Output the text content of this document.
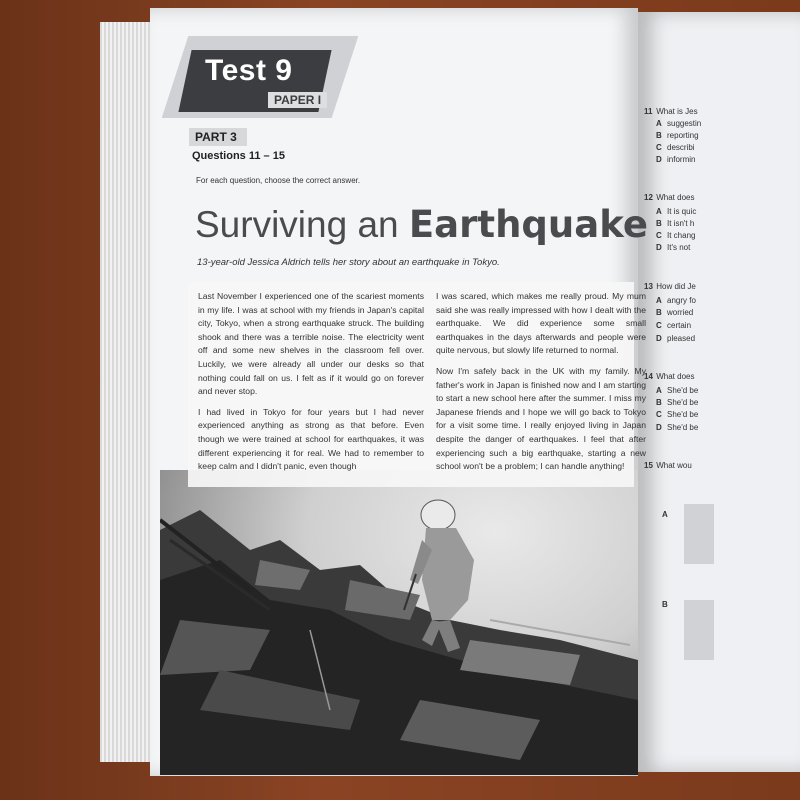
11 What is Jes
A suggestin
B reporting
C describi
D informin
12 What does
A It is quic
B It isn't h
C It chang
D It's not
13 How did Je
A angry fo
B worried
C certain
D pleased
14 What does
A She'd be
B She'd be
C She'd be
D She'd be
15 What wou
A
B
Test 9
PAPER I
PART 3
Questions 11 – 15
For each question, choose the correct answer.
Surviving an Earthquake
13-year-old Jessica Aldrich tells her story about an earthquake in Tokyo.

Last November I experienced one of the scariest moments in my life. I was at school with my friends in Japan's capital city, Tokyo, when a strong earthquake struck. The building shook and there was a terrible noise. The electricity went off and some new shelves in the classroom fell over. Luckily, we were already all under our desks so that nothing could fall on us. I felt as if it would go on forever and never stop.

I had lived in Tokyo for four years but I had never experienced anything as strong as that before. Even though we were trained at school for earthquakes, it was different experiencing it for real. We had to remember to keep calm and I didn't panic, even though

I was scared, which makes me really proud. My mum said she was really impressed with how I dealt with the earthquake. We did experience some small earthquakes in the days afterwards and people were quite nervous, but slowly life returned to normal.

Now I'm safely back in the UK with my family. My father's work in Japan is finished now and I am starting to start a new school here after the summer. I miss my Japanese friends and I hope we will go back to Tokyo for a visit some time. I really enjoyed living in Japan despite the danger of earthquakes. I feel that after experiencing such a big earthquake, starting a new school won't be a problem; I can handle anything!
